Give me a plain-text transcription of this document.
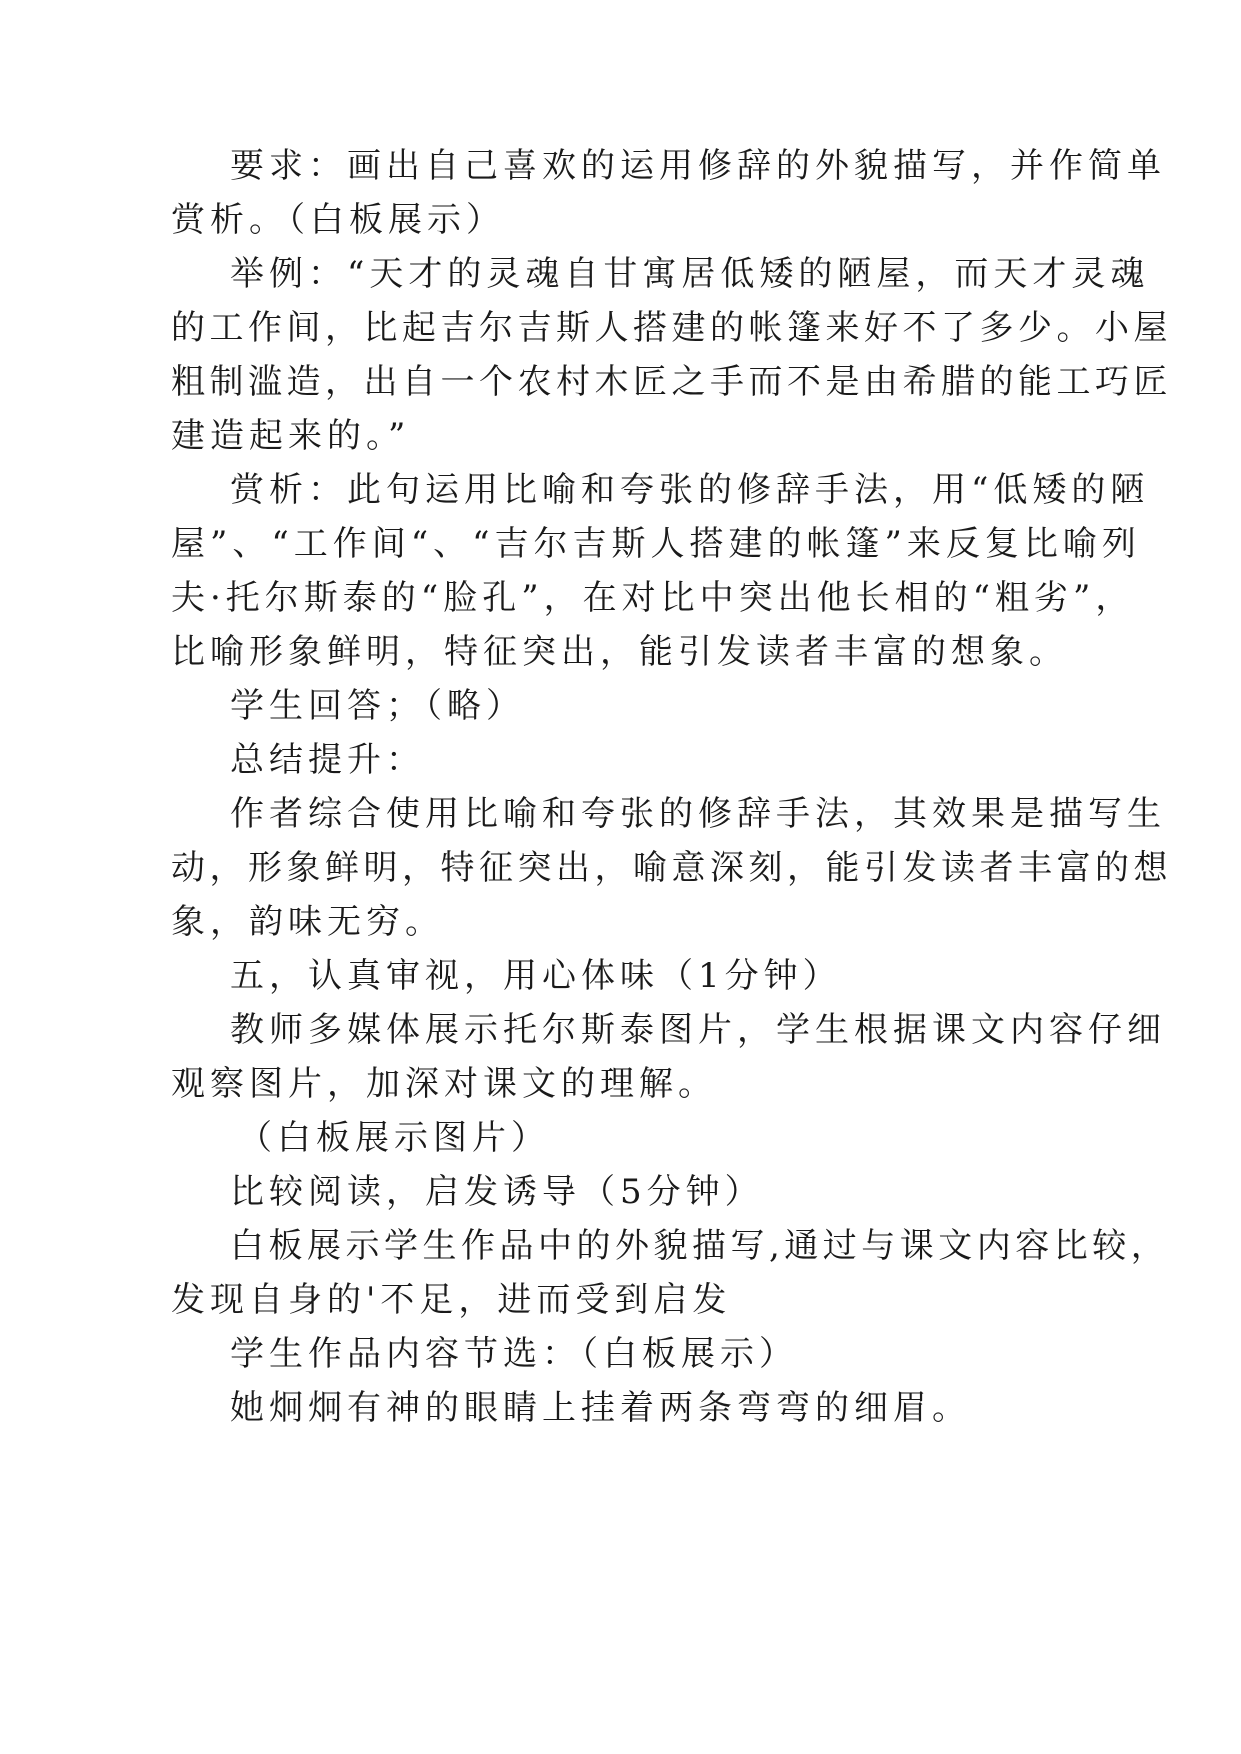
要求：画出自己喜欢的运用修辞的外貌描写，并作简单
赏析。（白板展示）
举例：“天才的灵魂自甘寓居低矮的陋屋，而天才灵魂
的工作间，比起吉尔吉斯人搭建的帐篷来好不了多少。小屋
粗制滥造，出自一个农村木匠之手而不是由希腊的能工巧匠
建造起来的。”
赏析：此句运用比喻和夸张的修辞手法，用“低矮的陋
屋”、“工作间“、“吉尔吉斯人搭建的帐篷”来反复比喻列
夫·托尔斯泰的“脸孔”，在对比中突出他长相的“粗劣”，
比喻形象鲜明，特征突出，能引发读者丰富的想象。
学生回答；（略）
总结提升：
作者综合使用比喻和夸张的修辞手法，其效果是描写生
动，形象鲜明，特征突出，喻意深刻，能引发读者丰富的想
象，韵味无穷。
五，认真审视，用心体味（1分钟）
教师多媒体展示托尔斯泰图片，学生根据课文内容仔细
观察图片，加深对课文的理解。
（白板展示图片）
比较阅读，启发诱导（5分钟）
白板展示学生作品中的外貌描写,通过与课文内容比较，
发现自身的'不足，进而受到启发
学生作品内容节选：（白板展示）
她炯炯有神的眼睛上挂着两条弯弯的细眉。
